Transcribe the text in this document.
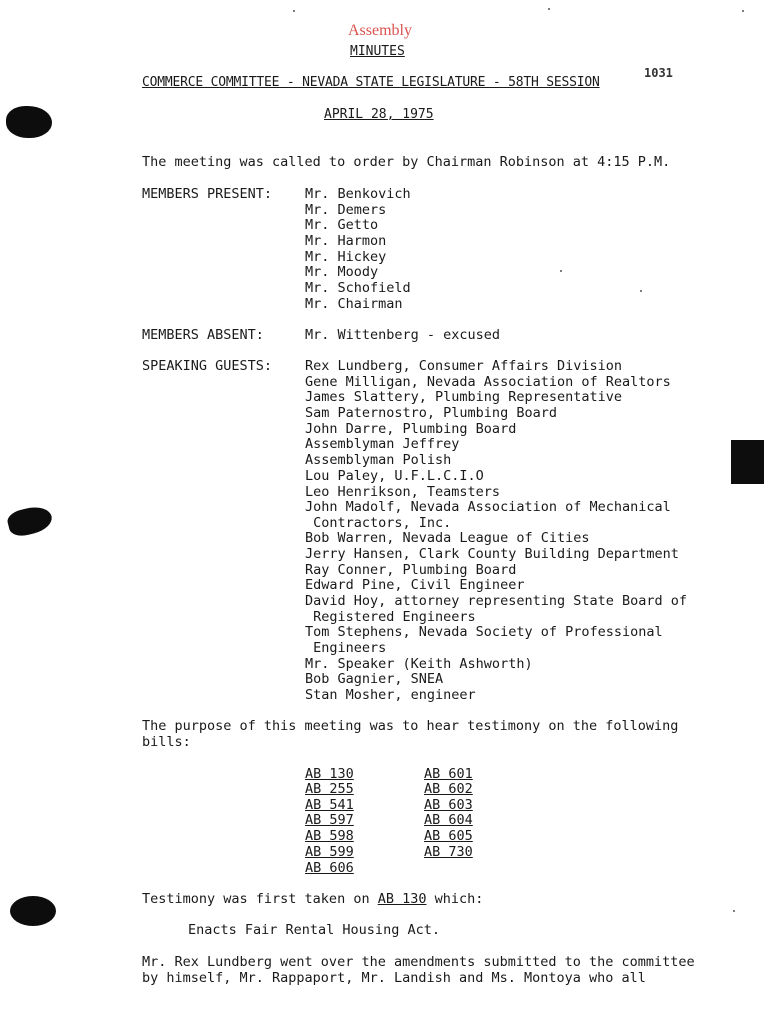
Assembly
MINUTES
COMMERCE COMMITTEE - NEVADA STATE LEGISLATURE - 58TH SESSION
1031
APRIL 28, 1975
The meeting was called to order by Chairman Robinson at 4:15 P.M.
MEMBERS PRESENT: Mr. Benkovich
Mr. Demers
Mr. Getto
Mr. Harmon
Mr. Hickey
Mr. Moody
Mr. Schofield
Mr. Chairman
MEMBERS ABSENT:	Mr. Wittenberg - excused
SPEAKING GUESTS: Rex Lundberg, Consumer Affairs Division
Gene Milligan, Nevada Association of Realtors
James Slattery, Plumbing Representative
Sam Paternostro, Plumbing Board
John Darre, Plumbing Board
Assemblyman Jeffrey
Assemblyman Polish
Lou Paley, U.F.L.C.I.O
Leo Henrikson, Teamsters
John Madolf, Nevada Association of Mechanical
Contractors, Inc.
Bob Warren, Nevada League of Cities
Jerry Hansen, Clark County Building Department
Ray Conner, Plumbing Board
Edward Pine, Civil Engineer
David Hoy, attorney representing State Board of
Registered Engineers
Tom Stephens, Nevada Society of Professional
Engineers
Mr. Speaker (Keith Ashworth)
Bob Gagnier, SNEA
Stan Mosher, engineer
The purpose of this meeting was to hear testimony on the following
bills:
AB 130
AB 255
AB 541
AB 597
AB 598
AB 599
AB 606
AB 601
AB 602
AB 603
AB 604
AB 605
AB 730
Testimony was first taken on AB 130 which:
Enacts Fair Rental Housing Act.
Mr. Rex Lundberg went over the amendments submitted to the committee
by himself, Mr. Rappaport, Mr. Landish and Ms. Montoya who all
